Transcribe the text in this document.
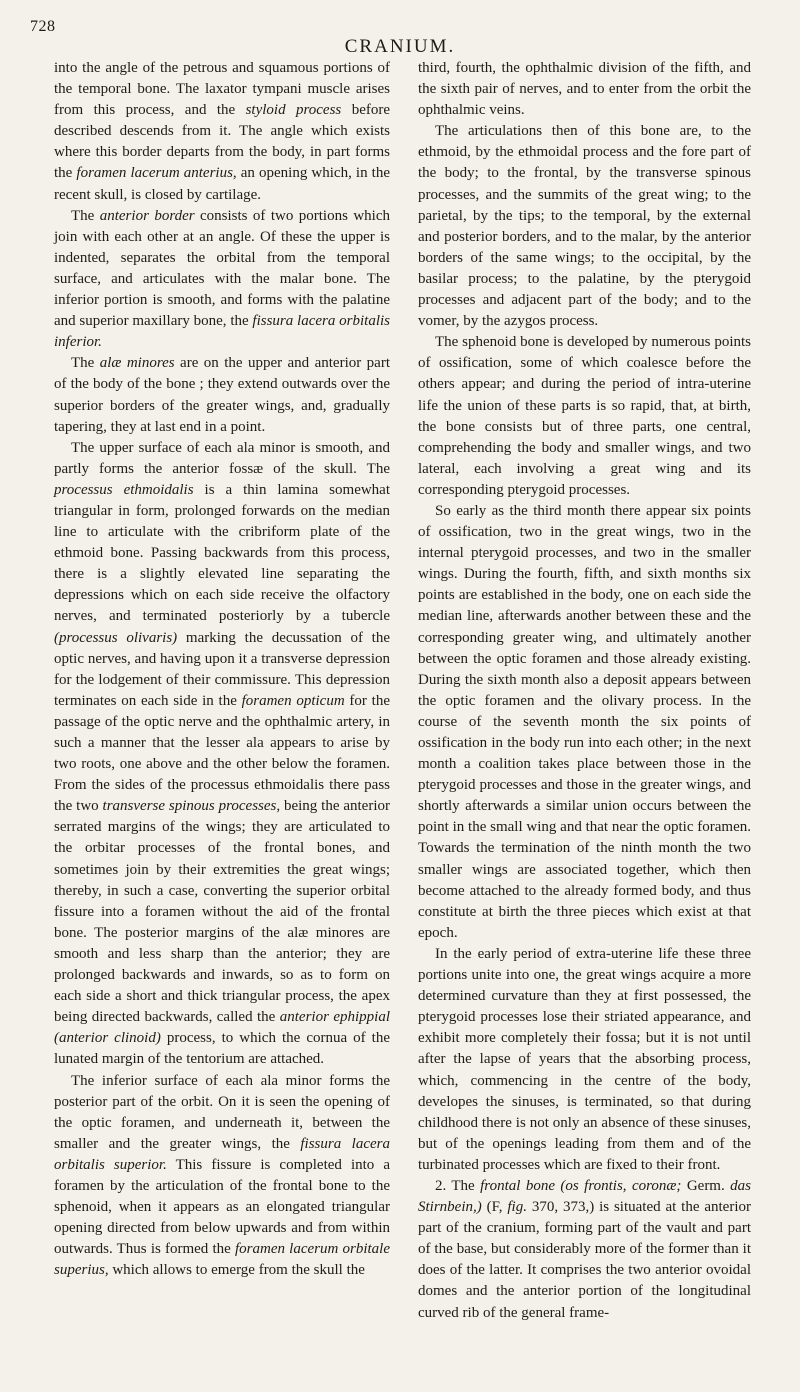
728
CRANIUM.

into the angle of the petrous and squamous portions of the temporal bone. The laxator tympani muscle arises from this process, and the styloid process before described descends from it. The angle which exists where this border departs from the body, in part forms the foramen lacerum anterius, an opening which, in the recent skull, is closed by cartilage.

The anterior border consists of two portions which join with each other at an angle. Of these the upper is indented, separates the orbital from the temporal surface, and articulates with the malar bone. The inferior portion is smooth, and forms with the palatine and superior maxillary bone, the fissura lacera orbitalis inferior.

The alæ minores are on the upper and anterior part of the body of the bone ; they extend outwards over the superior borders of the greater wings, and, gradually tapering, they at last end in a point.

The upper surface of each ala minor is smooth, and partly forms the anterior fossæ of the skull. The processus ethmoidalis is a thin lamina somewhat triangular in form, prolonged forwards on the median line to articulate with the cribriform plate of the ethmoid bone. Passing backwards from this process, there is a slightly elevated line separating the depressions which on each side receive the olfactory nerves, and terminated posteriorly by a tubercle (processus olivaris) marking the decussation of the optic nerves, and having upon it a transverse depression for the lodgement of their commissure. This depression terminates on each side in the foramen opticum for the passage of the optic nerve and the ophthalmic artery, in such a manner that the lesser ala appears to arise by two roots, one above and the other below the foramen. From the sides of the processus ethmoidalis there pass the two transverse spinous processes, being the anterior serrated margins of the wings; they are articulated to the orbitar processes of the frontal bones, and sometimes join by their extremities the great wings; thereby, in such a case, converting the superior orbital fissure into a foramen without the aid of the frontal bone. The posterior margins of the alæ minores are smooth and less sharp than the anterior; they are prolonged backwards and inwards, so as to form on each side a short and thick triangular process, the apex being directed backwards, called the anterior ephippial (anterior clinoid) process, to which the cornua of the lunated margin of the tentorium are attached.

The inferior surface of each ala minor forms the posterior part of the orbit. On it is seen the opening of the optic foramen, and underneath it, between the smaller and the greater wings, the fissura lacera orbitalis superior. This fissure is completed into a foramen by the articulation of the frontal bone to the sphenoid, when it appears as an elongated triangular opening directed from below upwards and from within outwards. Thus is formed the foramen lacerum orbitale superius, which allows to emerge from the skull the

third, fourth, the ophthalmic division of the fifth, and the sixth pair of nerves, and to enter from the orbit the ophthalmic veins.

The articulations then of this bone are, to the ethmoid, by the ethmoidal process and the fore part of the body; to the frontal, by the transverse spinous processes, and the summits of the great wing; to the parietal, by the tips; to the temporal, by the external and posterior borders, and to the malar, by the anterior borders of the same wings; to the occipital, by the basilar process; to the palatine, by the pterygoid processes and adjacent part of the body; and to the vomer, by the azygos process.

The sphenoid bone is developed by numerous points of ossification, some of which coalesce before the others appear; and during the period of intra-uterine life the union of these parts is so rapid, that, at birth, the bone consists but of three parts, one central, comprehending the body and smaller wings, and two lateral, each involving a great wing and its corresponding pterygoid processes.

So early as the third month there appear six points of ossification, two in the great wings, two in the internal pterygoid processes, and two in the smaller wings. During the fourth, fifth, and sixth months six points are established in the body, one on each side the median line, afterwards another between these and the corresponding greater wing, and ultimately another between the optic foramen and those already existing. During the sixth month also a deposit appears between the optic foramen and the olivary process. In the course of the seventh month the six points of ossification in the body run into each other; in the next month a coalition takes place between those in the pterygoid processes and those in the greater wings, and shortly afterwards a similar union occurs between the point in the small wing and that near the optic foramen. Towards the termination of the ninth month the two smaller wings are associated together, which then become attached to the already formed body, and thus constitute at birth the three pieces which exist at that epoch.

In the early period of extra-uterine life these three portions unite into one, the great wings acquire a more determined curvature than they at first possessed, the pterygoid processes lose their striated appearance, and exhibit more completely their fossa; but it is not until after the lapse of years that the absorbing process, which, commencing in the centre of the body, developes the sinuses, is terminated, so that during childhood there is not only an absence of these sinuses, but of the openings leading from them and of the turbinated processes which are fixed to their front.

2. The frontal bone (os frontis, coronæ; Germ. das Stirnbein,) (F, fig. 370, 373,) is situated at the anterior part of the cranium, forming part of the vault and part of the base, but considerably more of the former than it does of the latter. It comprises the two anterior ovoidal domes and the anterior portion of the longitudinal curved rib of the general frame-
